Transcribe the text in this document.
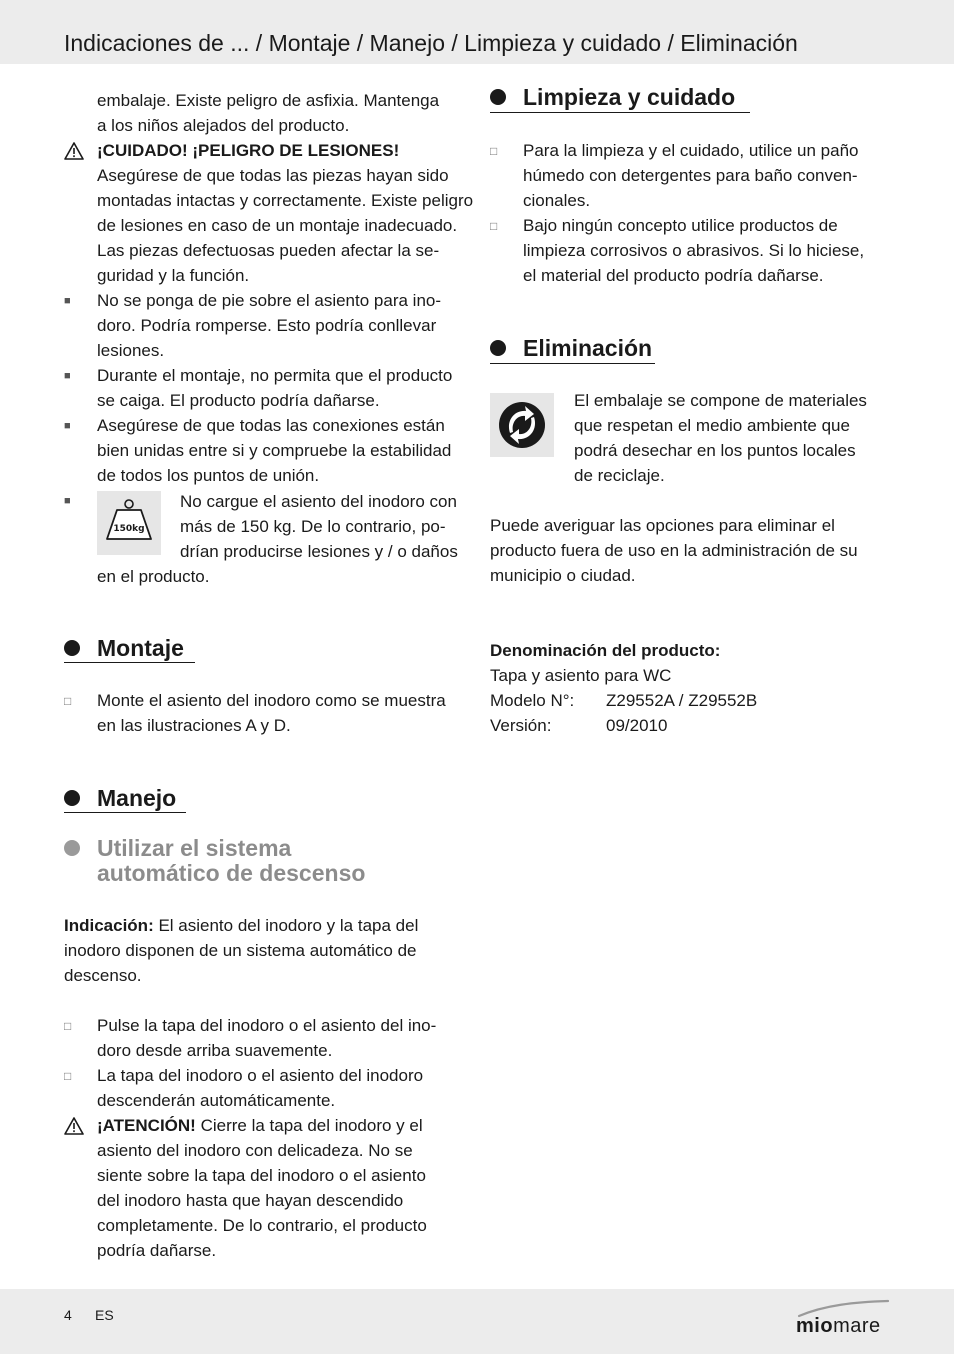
Indicaciones de ... / Montaje / Manejo / Limpieza y cuidado / Eliminación
embalaje. Existe peligro de asfixia. Mantenga
a los niños alejados del producto.
¡CUIDADO! ¡PELIGRO DE LESIONES!
Asegúrese de que todas las piezas hayan sido
montadas intactas y correctamente. Existe peligro
de lesiones en caso de un montaje inadecuado.
Las piezas defectuosas pueden afectar la se-
guridad y la función.
■ No se ponga de pie sobre el asiento para ino-
doro. Podría romperse. Esto podría conllevar
lesiones.
■ Durante el montaje, no permita que el producto
se caiga. El producto podría dañarse.
■ Asegúrese de que todas las conexiones están
bien unidas entre si y compruebe la estabilidad
de todos los puntos de unión.
■
150kg
No cargue el asiento del inodoro con
más de 150 kg. De lo contrario, po-
drían producirse lesiones y / o daños
en el producto.
Montaje
□ Monte el asiento del inodoro como se muestra
en las ilustraciones A y D.
Manejo
Utilizar el sistema
automático de descenso
Indicación: El asiento del inodoro y la tapa del
inodoro disponen de un sistema automático de
descenso.
□ Pulse la tapa del inodoro o el asiento del ino-
doro desde arriba suavemente.
□ La tapa del inodoro o el asiento del inodoro
descenderán automáticamente.
¡ATENCIÓN! Cierre la tapa del inodoro y el
asiento del inodoro con delicadeza. No se
siente sobre la tapa del inodoro o el asiento
del inodoro hasta que hayan descendido
completamente. De lo contrario, el producto
podría dañarse.
Limpieza y cuidado
□ Para la limpieza y el cuidado, utilice un paño
húmedo con detergentes para baño conven-
cionales.
□ Bajo ningún concepto utilice productos de
limpieza corrosivos o abrasivos. Si lo hiciese,
el material del producto podría dañarse.
Eliminación
El embalaje se compone de materiales
que respetan el medio ambiente que
podrá desechar en los puntos locales
de reciclaje.
Puede averiguar las opciones para eliminar el
producto fuera de uso en la administración de su
municipio o ciudad.
Denominación del producto:
Tapa y asiento para WC
Modelo N°: Z29552A / Z29552B
Versión:	09/2010
4 ES	miomare
